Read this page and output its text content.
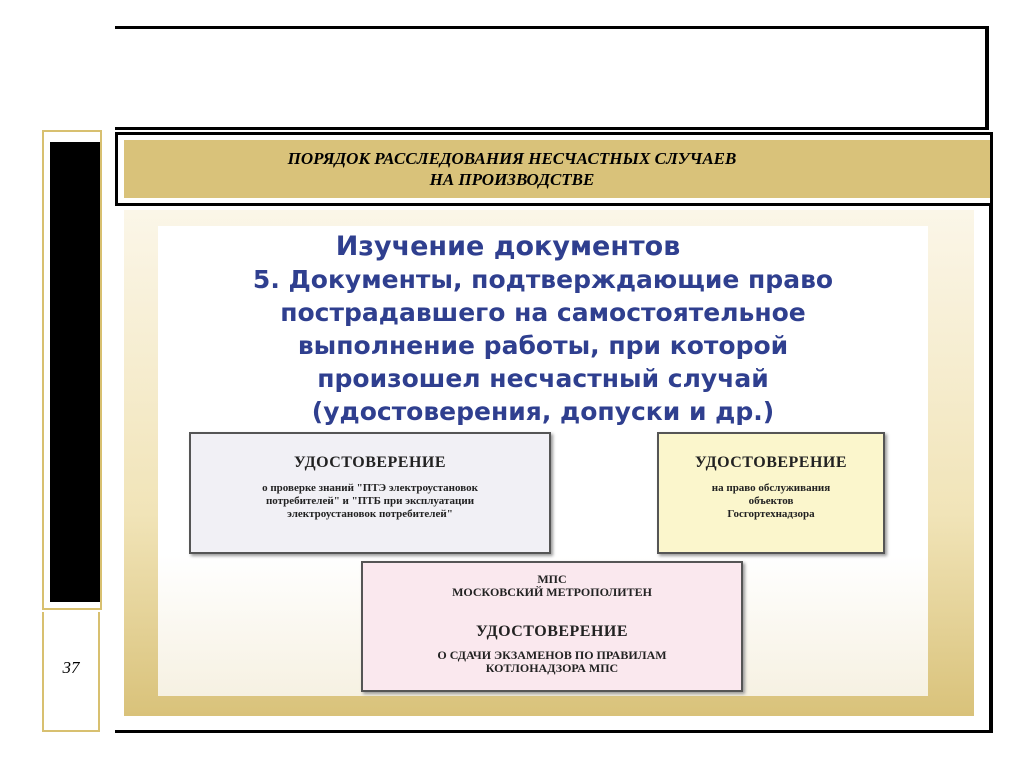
37
ПОРЯДОК РАССЛЕДОВАНИЯ НЕСЧАСТНЫХ СЛУЧАЕВ
НА ПРОИЗВОДСТВЕ
Изучение документов
5. Документы, подтверждающие право
пострадавшего на самостоятельное
выполнение работы, при которой
произошел несчастный случай
(удостоверения, допуски и др.)
УДОСТОВЕРЕНИЕ
о проверке знаний "ПТЭ электроустановок
потребителей" и "ПТБ при эксплуатации
электроустановок потребителей"
УДОСТОВЕРЕНИЕ
на право обслуживания
объектов
Госгортехнадзора
МПС
МОСКОВСКИЙ МЕТРОПОЛИТЕН
УДОСТОВЕРЕНИЕ
О СДАЧИ ЭКЗАМЕНОВ ПО ПРАВИЛАМ
КОТЛОНАДЗОРА МПС
